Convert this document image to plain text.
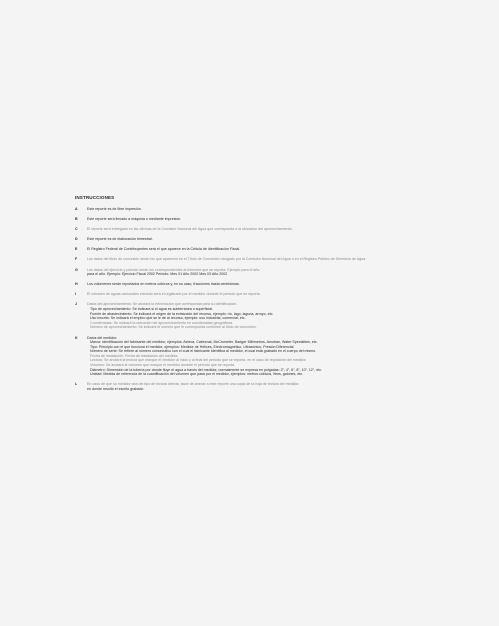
INSTRUCCIONES
A	Este reporte es de libre impresión.
B	Este reporte será llenado a máquina o mediante impresión.
C	El reporte será entregado en las oficinas de la Comisión Nacional del Agua que corresponda a la ubicación del aprovechamiento.
D	Este reporte es de elaboración trimestral.
E	El Registro Federal de Contribuyentes será el que aparece en la Cédula de Identificación Fiscal.
F	Los datos del título de concesión serán los que aparecen en el Título de Concesión otorgado por la Comisión Nacional del Agua o en el Registro Público de Derechos de Agua.
G	Los datos del ejercicio y periodo serán los correspondientes al trimestre que se reporta. Ejemplo para el año.
para el año. Ejemplo: Ejercicio Fiscal 2002 Periodo: Mes 01 Año 2002 Mes 03 Año 2002
H	Los volúmenes serán reportados en metros cúbicos y, en su caso, fracciones hasta centésimas.
I	El volumen de aguas nacionales extraído será el registrado por el medidor durante el periodo que se reporta.
J	Datos del aprovechamiento: Se anotará la información que corresponda para su identificación.
Tipo de aprovechamiento: Se indicará si el agua es subterránea o superficial.
Fuente de abastecimiento: Se indicará el origen de la extracción del recurso, ejemplo: río, lago, laguna, arroyo, etc.
Uso inscrito: Se indicará el empleo que se le dé al recurso, ejemplo: uso industrial, comercial, etc.
Coordenadas: Se indicará la ubicación del aprovechamiento en coordenadas geográficas.
Número de aprovechamiento: Se indicará el número que le corresponda conforme al título de concesión.
K	Datos del medidor:
Marca: Identificación del fabricante del medidor, ejemplos: Azteca, Cabecnal, McCrometer, Badger Millimetros, Amuban, Water Specialties, etc.
Tipo: Principio con el que funciona el medidor, ejemplos: Medidor de Hélices, Electromagnético, Ultrasónico, Presión Diferencial.
Número de serie: Se refiere al número consecutivo con el cual el fabricante identifica al medidor, el cual está grabado en el cuerpo del mismo.
Fecha de instalación: Fecha de instalación del medidor.
Lectura: Se anotará la lectura que marque el medidor al inicio y al final del periodo que se reporta, en el caso de reposición del medidor.
Volumen: Se anotará el volumen que marque el medidor durante el periodo que se reporta.
Diámetro: Dimensión de la tubería por donde fluye el agua a través del medidor, normalmente se expresa en pulgadas: 2", 4", 6", 8", 10", 12", etc.
Unidad: Medida de referencia de la cuantificación del volumen que pasa por el medidor, ejemplos: metros cúbicos, litros, galones, etc.
L	En caso de que su medidor sea del tipo de lectura directa, favor de anexar a este reporte una copia de la hoja de lectura del medidor.
en donde resultó el escrito grabado
